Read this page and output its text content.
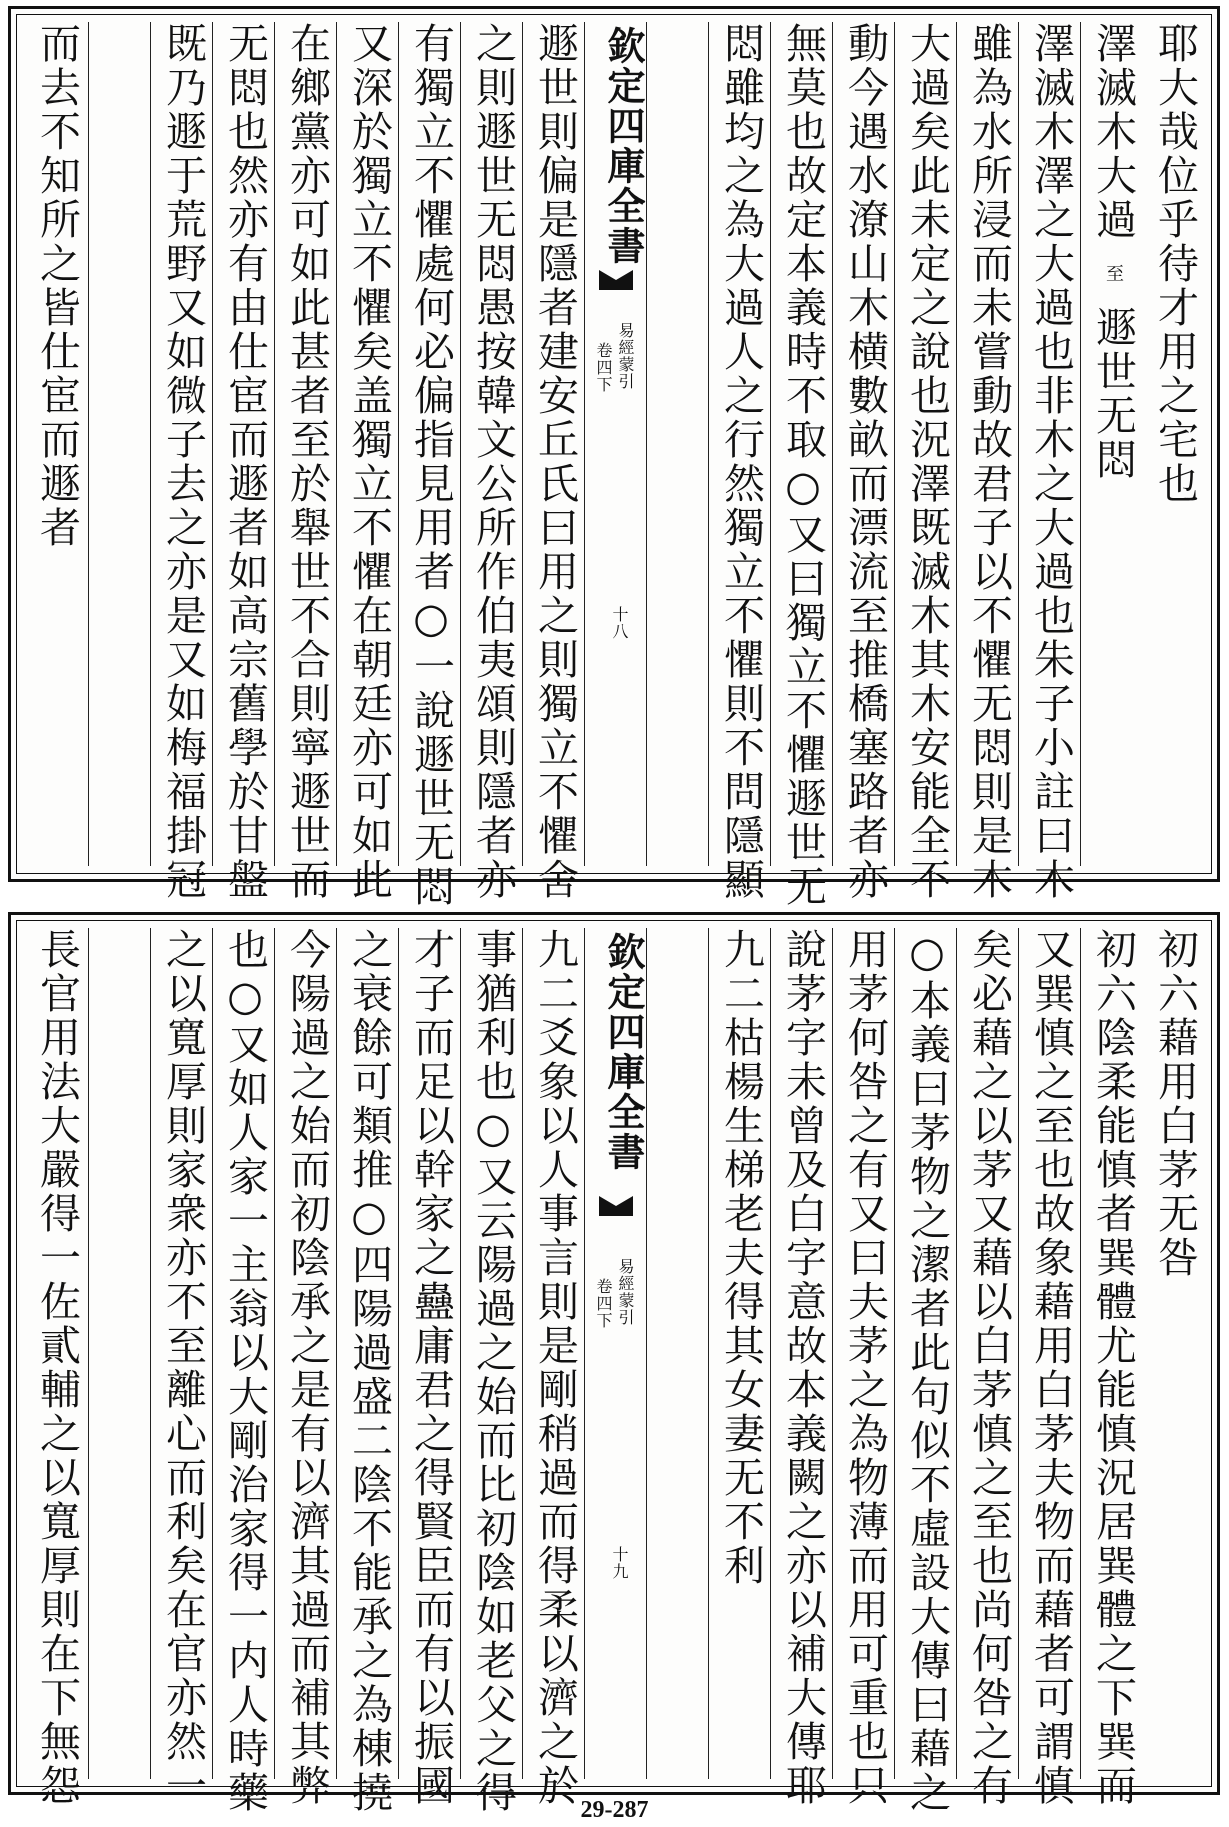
耶大哉位乎待才用之宅也
澤滅木大過至遯世无悶
澤滅木澤之大過也非木之大過也朱子小註曰木
雖為水所浸而未嘗動故君子以不懼无悶則是木
大過矣此未定之說也況澤既滅木其木安能全不
動今遇水潦山木横數畝而漂流至推橋塞路者亦
無莫也故定本義時不取○又曰獨立不懼遯世无
悶雖均之為大過人之行然獨立不懼則不問隱顯
欽定四庫全書
易經蒙引
卷四下
十八
遯世則偏是隱者建安丘氏曰用之則獨立不懼舍
之則遯世无悶愚按韓文公所作伯夷頌則隱者亦
有獨立不懼處何必偏指見用者○一說遯世无悶
又深於獨立不懼矣盖獨立不懼在朝廷亦可如此
在鄉黨亦可如此甚者至於舉世不合則寧遯世而
无悶也然亦有由仕宦而遯者如高宗舊學於甘盤
既乃遯于荒野又如微子去之亦是又如梅福掛冠
而去不知所之皆仕宦而遯者
初六藉用白茅无咎
初六陰柔能慎者巽體尤能慎況居巽體之下巽而
又巽慎之至也故象藉用白茅夫物而藉者可謂慎
矣必藉之以茅又藉以白茅慎之至也尚何咎之有
○本義曰茅物之潔者此句似不虛設大傳曰藉之
用茅何咎之有又曰夫茅之為物薄而用可重也只
說茅字未曾及白字意故本義闕之亦以補大傳耶
九二枯楊生梯老夫得其女妻无不利
欽定四庫全書
易經蒙引
卷四下
十九
九二爻象以人事言則是剛稍過而得柔以濟之於
事猶利也○又云陽過之始而比初陰如老父之得
才子而足以幹家之蠱庸君之得賢臣而有以振國
之衰餘可類推○四陽過盛二陰不能承之為棟撓
今陽過之始而初陰承之是有以濟其過而補其弊
也○又如人家一主翁以大剛治家得一内人時藥
之以寬厚則家衆亦不至離心而利矣在官亦然一
長官用法大嚴得一佐貳輔之以寬厚則在下無怨
29-287
